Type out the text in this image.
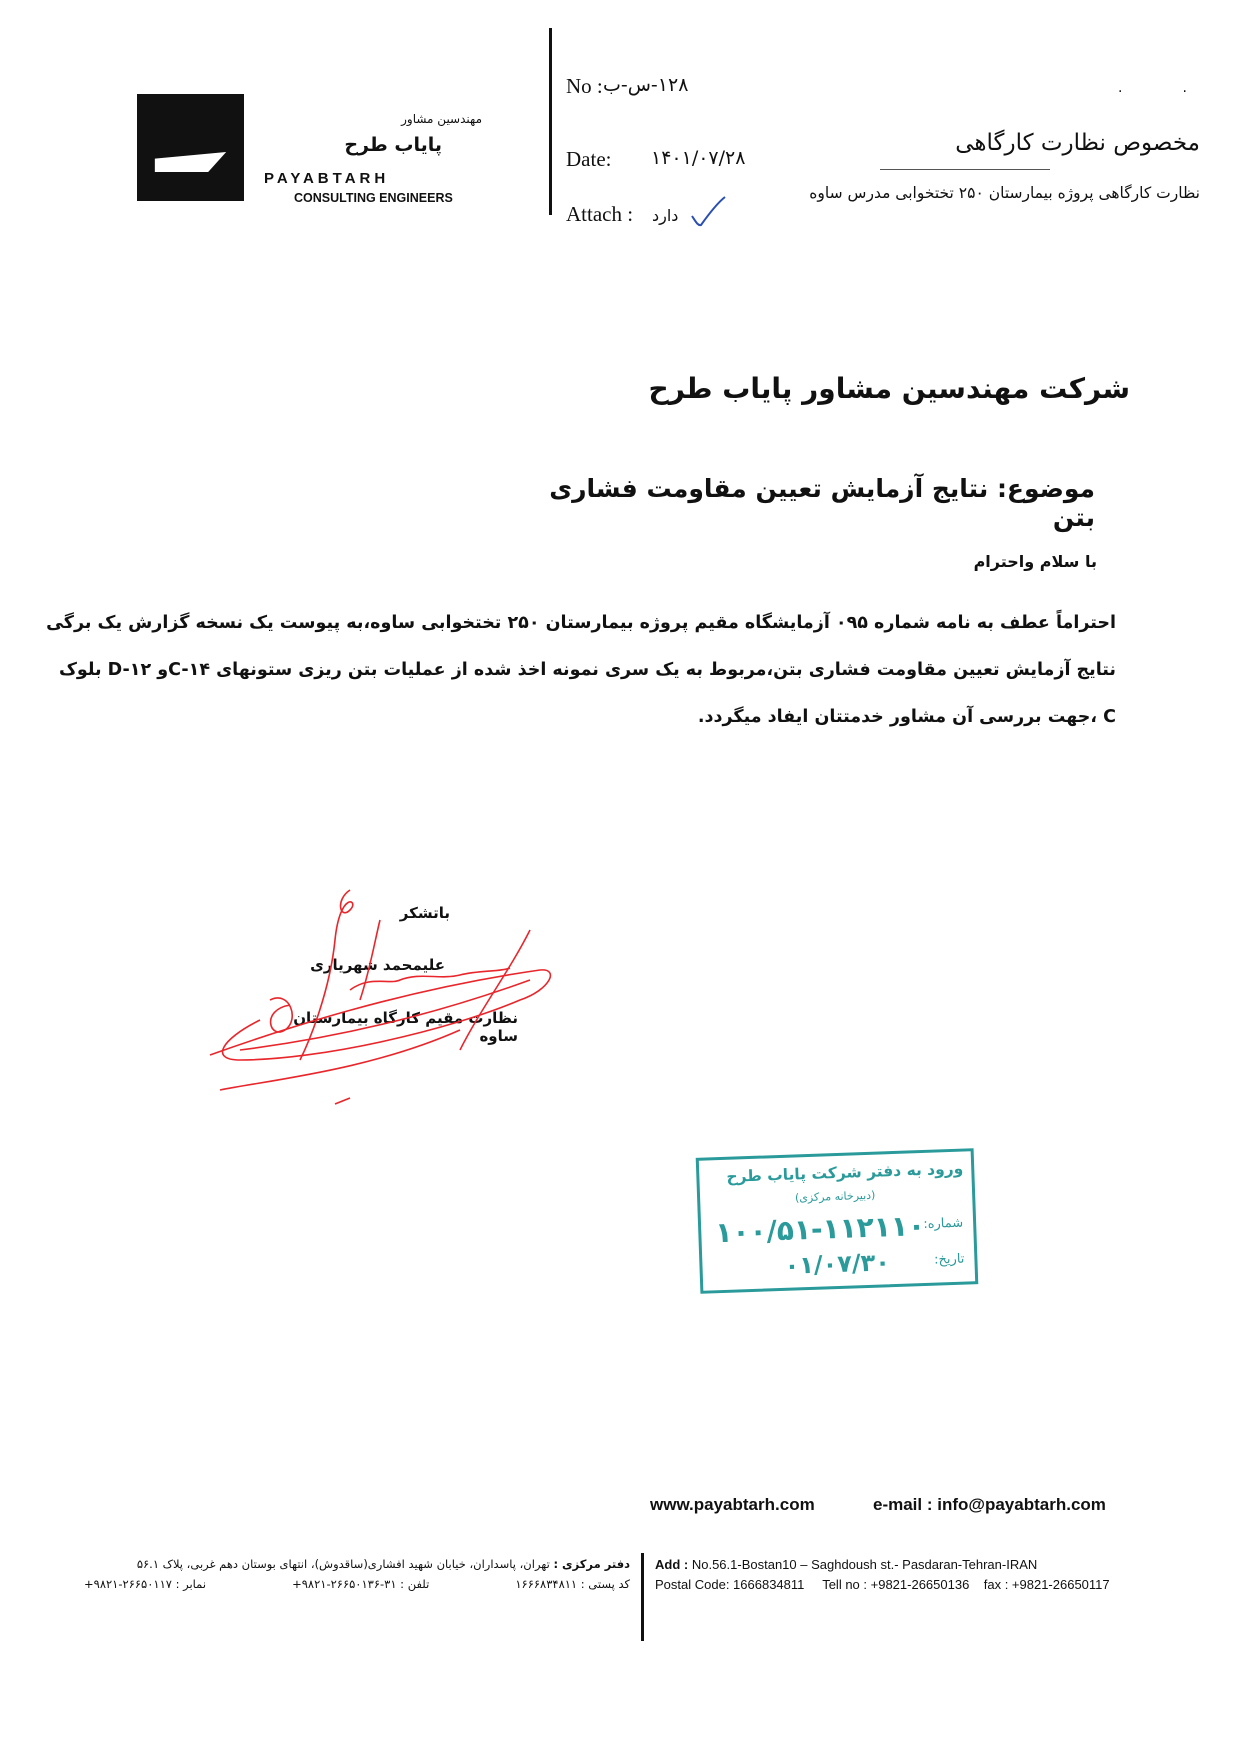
مهندسین مشاور
پایاب طرح
PAYABTARH
CONSULTING ENGINEERS
No : ۱۲۸-س-ب
Date: ۱۴۰۱/۰۷/۲۸
Attach : دارد
..
مخصوص نظارت کارگاهی
نظارت کارگاهی پروژه بیمارستان ۲۵۰ تختخوابی مدرس ساوه
شرکت مهندسین مشاور پایاب طرح
موضوع: نتایج آزمایش تعیین مقاومت فشاری بتن
با سلام واحترام
احتراماً عطف به نامه شماره ۰۹۵ آزمایشگاه مقیم پروژه بیمارستان ۲۵۰ تختخوابی ساوه،به پیوست یک نسخه گزارش یک برگی
نتایج آزمایش تعیین مقاومت فشاری بتن،مربوط به یک سری نمونه اخذ شده از عملیات بتن ریزی ستونهای C-۱۴و D-۱۲ بلوک
C ،جهت بررسی آن مشاور خدمتتان ایفاد میگردد.
باتشکر
علیمحمد شهریاری
نظارت مقیم کارگاه بیمارستان ساوه
ورود به دفتر شرکت پایاب طرح
(دبیرخانه مرکزی)
شماره:
۱۰۰/۵۱-۱۱۲۱۱۰
تاریخ:
۰۱/۰۷/۳۰
www.payabtarh.com	e-mail : info@payabtarh.com
Add : No.56.1-Bostan10 – Saghdoush st.- Pasdaran-Tehran-IRAN
Postal Code: 1666834811     Tell no : +9821-26650136    fax : +9821-26650117
دفتر مرکزی : تهران، پاسداران، خیابان شهید افشاری(ساقدوش)، انتهای بوستان دهم غربی، پلاک ۵۶.۱
کد پستی : ۱۶۶۶۸۳۴۸۱۱
تلفن : ۳۱-۲۶۶۵۰۱۳۶-۹۸۲۱+
نمابر : ۲۶۶۵۰۱۱۷-۹۸۲۱+
